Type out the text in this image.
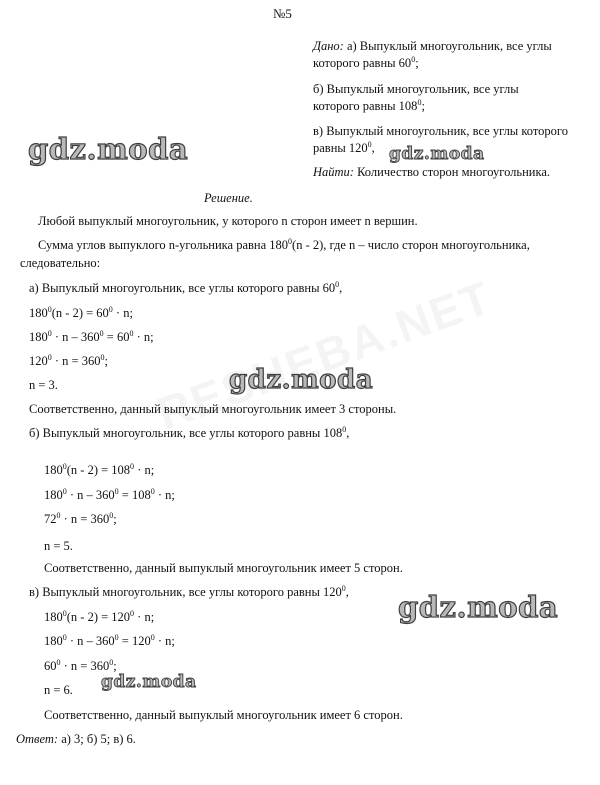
№5
Дано: а) Выпуклый многоугольник, все углы
которого равны $60^0$;
б) Выпуклый многоугольник, все углы
которого равны $108^0$;
в) Выпуклый многоугольник, все углы которого
равны $120^0$,
Найти: Количество сторон многоугольника.
Решение.
Любой выпуклый многоугольник, у которого n сторон имеет n вершин.
Сумма углов выпуклого n-угольника равна $180^0(n - 2)$, где n – число сторон многоугольника,
следовательно:
а) Выпуклый многоугольник, все углы которого равны $60^0$,
$180^0(n - 2) = 60^0 \cdot n$;
$180^0 \cdot n - 360^0 = 60^0 \cdot n$;
$120^0 \cdot n = 360^0$;
n = 3.
Соответственно, данный выпуклый многоугольник имеет 3 стороны.
б) Выпуклый многоугольник, все углы которого равны $108^0$,
$180^0(n - 2) = 108^0 \cdot n$;
$180^0 \cdot n - 360^0 = 108^0 \cdot n$;
$72^0 \cdot n = 360^0$;
n = 5.
Соответственно, данный выпуклый многоугольник имеет 5 сторон.
в) Выпуклый многоугольник, все углы которого равны $120^0$,
$180^0(n - 2) = 120^0 \cdot n$;
$180^0 \cdot n - 360^0 = 120^0 \cdot n$;
$60^0 \cdot n = 360^0$;
n = 6.
Соответственно, данный выпуклый многоугольник имеет 6 сторон.
Ответ: а) 3; б) 5; в) 6.
gdz.moda	gdz.moda
gdz.moda
gdz.moda
gdz.moda
